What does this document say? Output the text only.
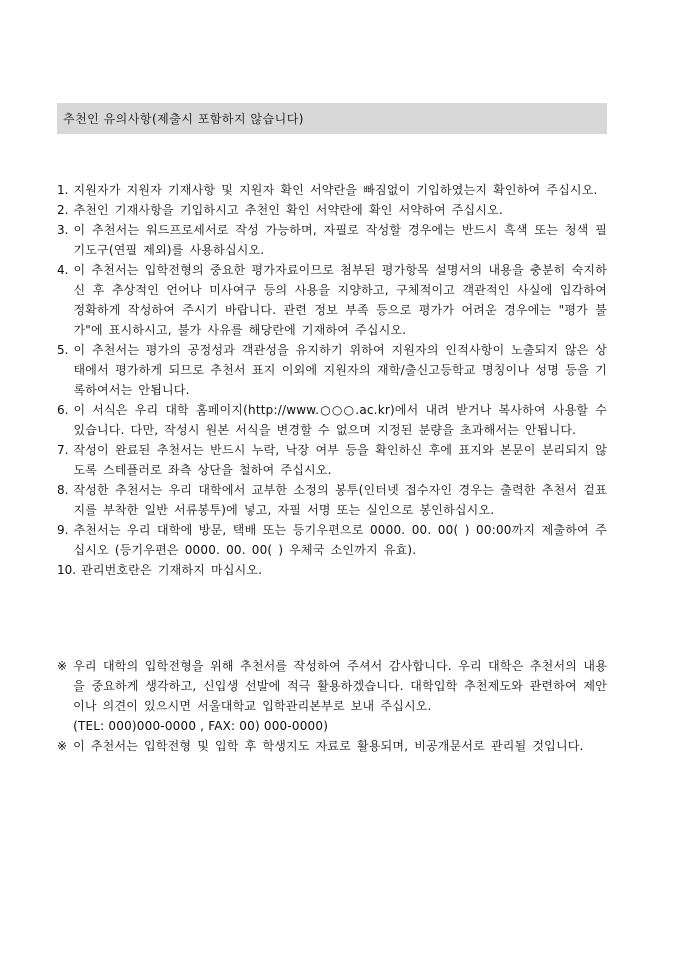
추천인 유의사항(제출시 포함하지 않습니다)
1. 지원자가 지원자 기재사항 및 지원자 확인 서약란을 빠짐없이 기입하였는지 확인하여 주십시오.
2. 추천인 기재사항을 기입하시고 추천인 확인 서약란에 확인 서약하여 주십시오.
3. 이 추천서는 워드프로세서로 작성 가능하며, 자필로 작성할 경우에는 반드시 흑색 또는 청색 필기도구(연필 제외)를 사용하십시오.
4. 이 추천서는 입학전형의 중요한 평가자료이므로 첨부된 평가항목 설명서의 내용을 충분히 숙지하신 후 추상적인 언어나 미사여구 등의 사용을 지양하고, 구체적이고 객관적인 사실에 입각하여 정확하게 작성하여 주시기 바랍니다. 관련 정보 부족 등으로 평가가 어려운 경우에는 "평가 불가"에 표시하시고, 불가 사유를 해당란에 기재하여 주십시오.
5. 이 추천서는 평가의 공정성과 객관성을 유지하기 위하여 지원자의 인적사항이 노출되지 않은 상태에서 평가하게 되므로 추천서 표지 이외에 지원자의 재학/출신고등학교 명칭이나 성명 등을 기록하여서는 안됩니다.
6. 이 서식은 우리 대학 홈페이지(http://www.○○○.ac.kr)에서 내려 받거나 복사하여 사용할 수 있습니다. 다만, 작성시 원본 서식을 변경할 수 없으며 지정된 분량을 초과해서는 안됩니다.
7. 작성이 완료된 추천서는 반드시 누락, 낙장 여부 등을 확인하신 후에 표지와 본문이 분리되지 않도록 스테플러로 좌측 상단을 철하여 주십시오.
8. 작성한 추천서는 우리 대학에서 교부한 소정의 봉투(인터넷 접수자인 경우는 출력한 추천서 겉표지를 부착한 일반 서류봉투)에 넣고, 자필 서명 또는 실인으로 봉인하십시오.
9. 추천서는 우리 대학에 방문, 택배 또는 등기우편으로 0000. 00. 00( ) 00:00까지 제출하여 주십시오 (등기우편은 0000. 00. 00( ) 우체국 소인까지 유효).
10. 관리번호란은 기재하지 마십시오.
※ 우리 대학의 입학전형을 위해 추천서를 작성하여 주셔서 감사합니다. 우리 대학은 추천서의 내용을 중요하게 생각하고, 신입생 선발에 적극 활용하겠습니다. 대학입학 추천제도와 관련하여 제안이나 의견이 있으시면 서울대학교 입학관리본부로 보내 주십시오.
(TEL: 000)000-0000 , FAX: 00) 000-0000)
※ 이 추천서는 입학전형 및 입학 후 학생지도 자료로 활용되며, 비공개문서로 관리될 것입니다.
